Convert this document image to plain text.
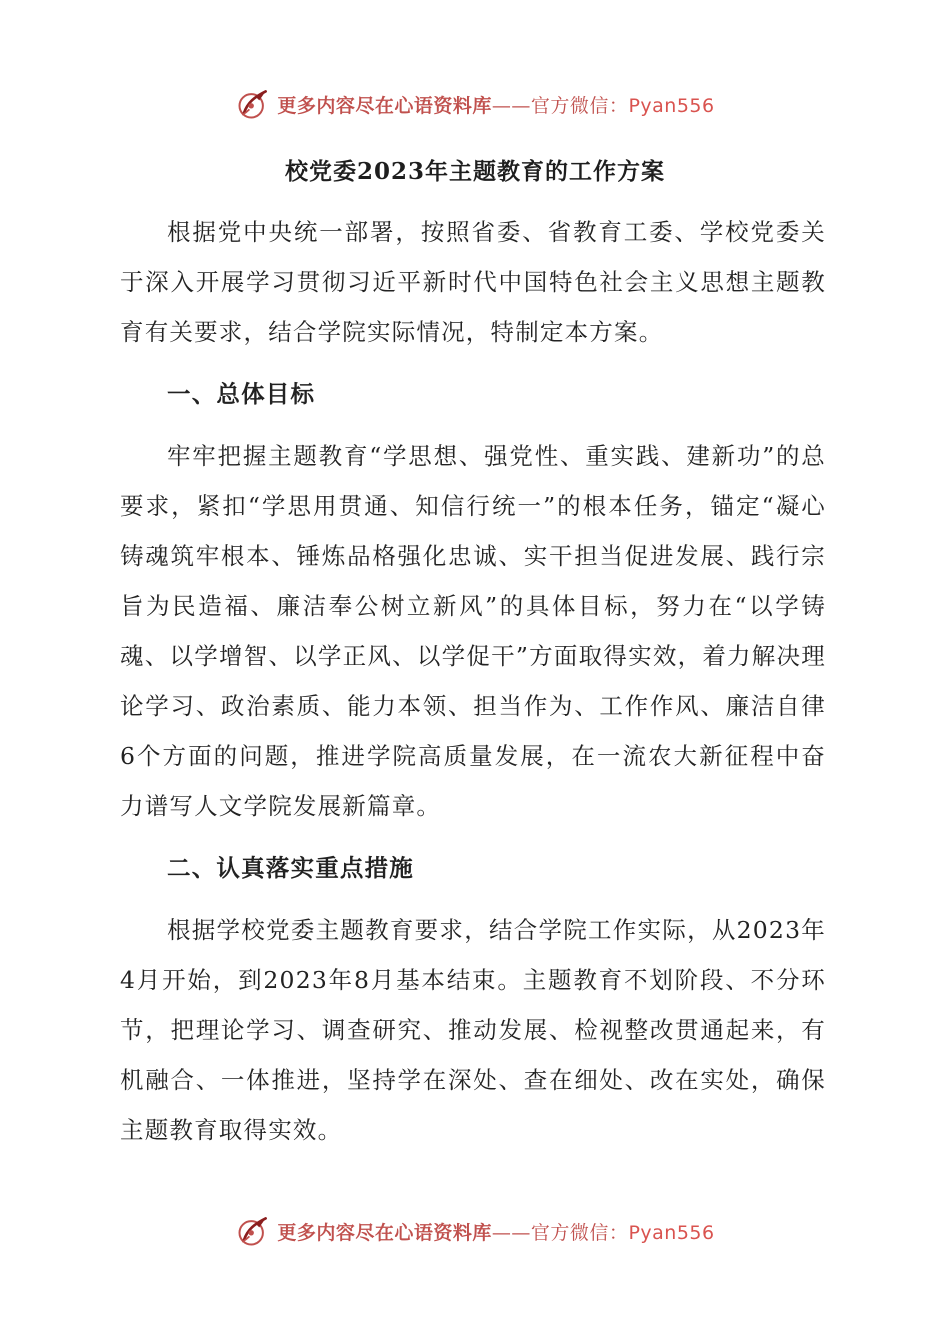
更多内容尽在心语资料库——官方微信：Pyan556
校党委2023年主题教育的工作方案

根据党中央统一部署，按照省委、省教育工委、学校党委关于深入开展学习贯彻习近平新时代中国特色社会主义思想主题教育有关要求，结合学院实际情况，特制定本方案。

一、总体目标

牢牢把握主题教育“学思想、强党性、重实践、建新功”的总要求，紧扣“学思用贯通、知信行统一”的根本任务，锚定“凝心铸魂筑牢根本、锤炼品格强化忠诚、实干担当促进发展、践行宗旨为民造福、廉洁奉公树立新风”的具体目标，努力在“以学铸魂、以学增智、以学正风、以学促干”方面取得实效，着力解决理论学习、政治素质、能力本领、担当作为、工作作风、廉洁自律6个方面的问题，推进学院高质量发展，在一流农大新征程中奋力谱写人文学院发展新篇章。

二、认真落实重点措施

根据学校党委主题教育要求，结合学院工作实际，从2023年4月开始，到2023年8月基本结束。主题教育不划阶段、不分环节，把理论学习、调查研究、推动发展、检视整改贯通起来，有机融合、一体推进，坚持学在深处、查在细处、改在实处，确保主题教育取得实效。

更多内容尽在心语资料库——官方微信：Pyan556
